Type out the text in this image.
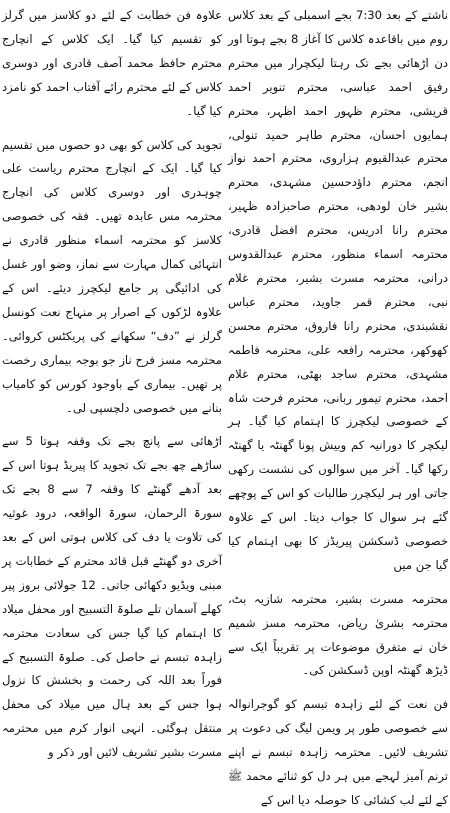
ناشتے کے بعد 7:30 بجے اسمبلی کے بعد کلاس روم میں باقاعدہ کلاس کا آغاز 8 بجے ہوتا اور دن اڑھائی بجے تک رہتا لیکچرار میں محترم رفیق احمد عباسی، محترم تنویر احمد قریشی، محترم ظہور احمد اظہر، محترم ہمایوں احسان، محترم طاہر حمید تنولی، محترم عبدالقیوم ہزاروی، محترم احمد نواز انجم، محترم داؤدحسین مشہدی، محترم بشیر خان لودھی، محترم صاحبزادہ ظہیر، محترم رانا ادریس، محترم افضل قادری، محترمہ اسماء منظور، محترم عبدالقدوس درانی، محترمہ مسرت بشیر، محترم غلام نبی، محترم قمر جاوید، محترم عباس نقشبندی، محترم رانا فاروق، محترم محسن کھوکھر، محترمہ رافعہ علی، محترمہ فاطمہ مشہدی، محترم ساجد بھٹی، محترم غلام احمد، محترم تیمور ربانی، محترم فرحت شاہ کے خصوصی لیکچرز کا اہتمام کیا گیا۔ ہر لیکچر کا دورانیہ کم وبیش پونا گھنٹہ یا گھنٹہ رکھا گیا۔ آخر میں سوالوں کی نشست رکھی جاتی اور ہر لیکچرر طالبات کو اس کے پوچھے گئے ہر سوال کا جواب دیتا۔ اس کے علاوہ خصوصی ڈسکشن پیریڈز کا بھی اہتمام کیا گیا جن میں

محترمہ مسرت بشیر، محترمہ شازیہ بٹ، محترمہ بشریٰ ریاض، محترمہ مسز شمیم خان نے متفرق موضوعات پر تقریباً ایک سے ڈیڑھ گھنٹہ اوپن ڈسکشن کی۔

فن نعت کے لئے زاہدہ تبسم کو گوجرانوالہ سے خصوصی طور پر ویمن لیگ کی دعوت پر تشریف لائیں۔ محترمہ زاہدہ تبسم نے اپنے ترنم آمیز لہجے میں ہر دل کو ثنائے محمد ﷺ کے لئے لب کشائی کا حوصلہ دیا اس کے

علاوہ فن خطابت کے لئے دو کلاسز میں گرلز کو تقسیم کیا گیا۔ ایک کلاس کے انچارج محترم حافظ محمد آصف قادری اور دوسری کلاس کے لئے محترم رائے آفتاب احمد کو نامزد کیا گیا۔

تجوید کی کلاس کو بھی دو حصوں میں تقسیم کیا گیا۔ ایک کے انچارج محترم ریاست علی چوہدری اور دوسری کلاس کی انچارج محترمہ مس عابدہ تھیں۔ فقہ کی خصوصی کلاسز کو محترمہ اسماء منظور قادری نے انتہائی کمال مہارت سے نماز، وضو اور غسل کی ادائیگی پر جامع لیکچرز دیئے۔ اس کے علاوہ لڑکوں کے اصرار پر منہاج نعت کونسل گرلز نے ”دف“ سکھانے کی پریکٹس کروائی۔ محترمہ مسز فرح ناز جو بوجہ بیماری رخصت پر تھیں۔ بیماری کے باوجود کورس کو کامیاب بنانے میں خصوصی دلچسپی لی۔

اڑھائی سے پانچ بجے تک وقفہ ہوتا 5 سے ساڑھے چھ بجے تک تجوید کا پیریڈ ہوتا اس کے بعد آدھے گھنٹے کا وقفہ 7 سے 8 بجے تک سورۃ الرحمان، سورۃ الواقعہ، درود غوثیہ کی تلاوت یا دف کی کلاس ہوتی اس کے بعد آخری دو گھنٹے قبل قائد محترم کے خطابات پر مبنی ویڈیو دکھائی جاتی۔ 12 جولائی بروز پیر کھلے آسمان تلے صلوۃ التسبیح اور محفل میلاد کا اہتمام کیا گیا جس کی سعادت محترمہ زاہدہ تبسم نے حاصل کی۔ صلوۃ التسبیح کے فوراً بعد اللہ کی رحمت و بخشش کا نزول ہوا جس کے بعد ہال میں میلاد کی محفل منتقل ہوگئی۔ انہی انوار کرم میں محترمہ مسرت بشیر تشریف لائیں اور ذکر و
